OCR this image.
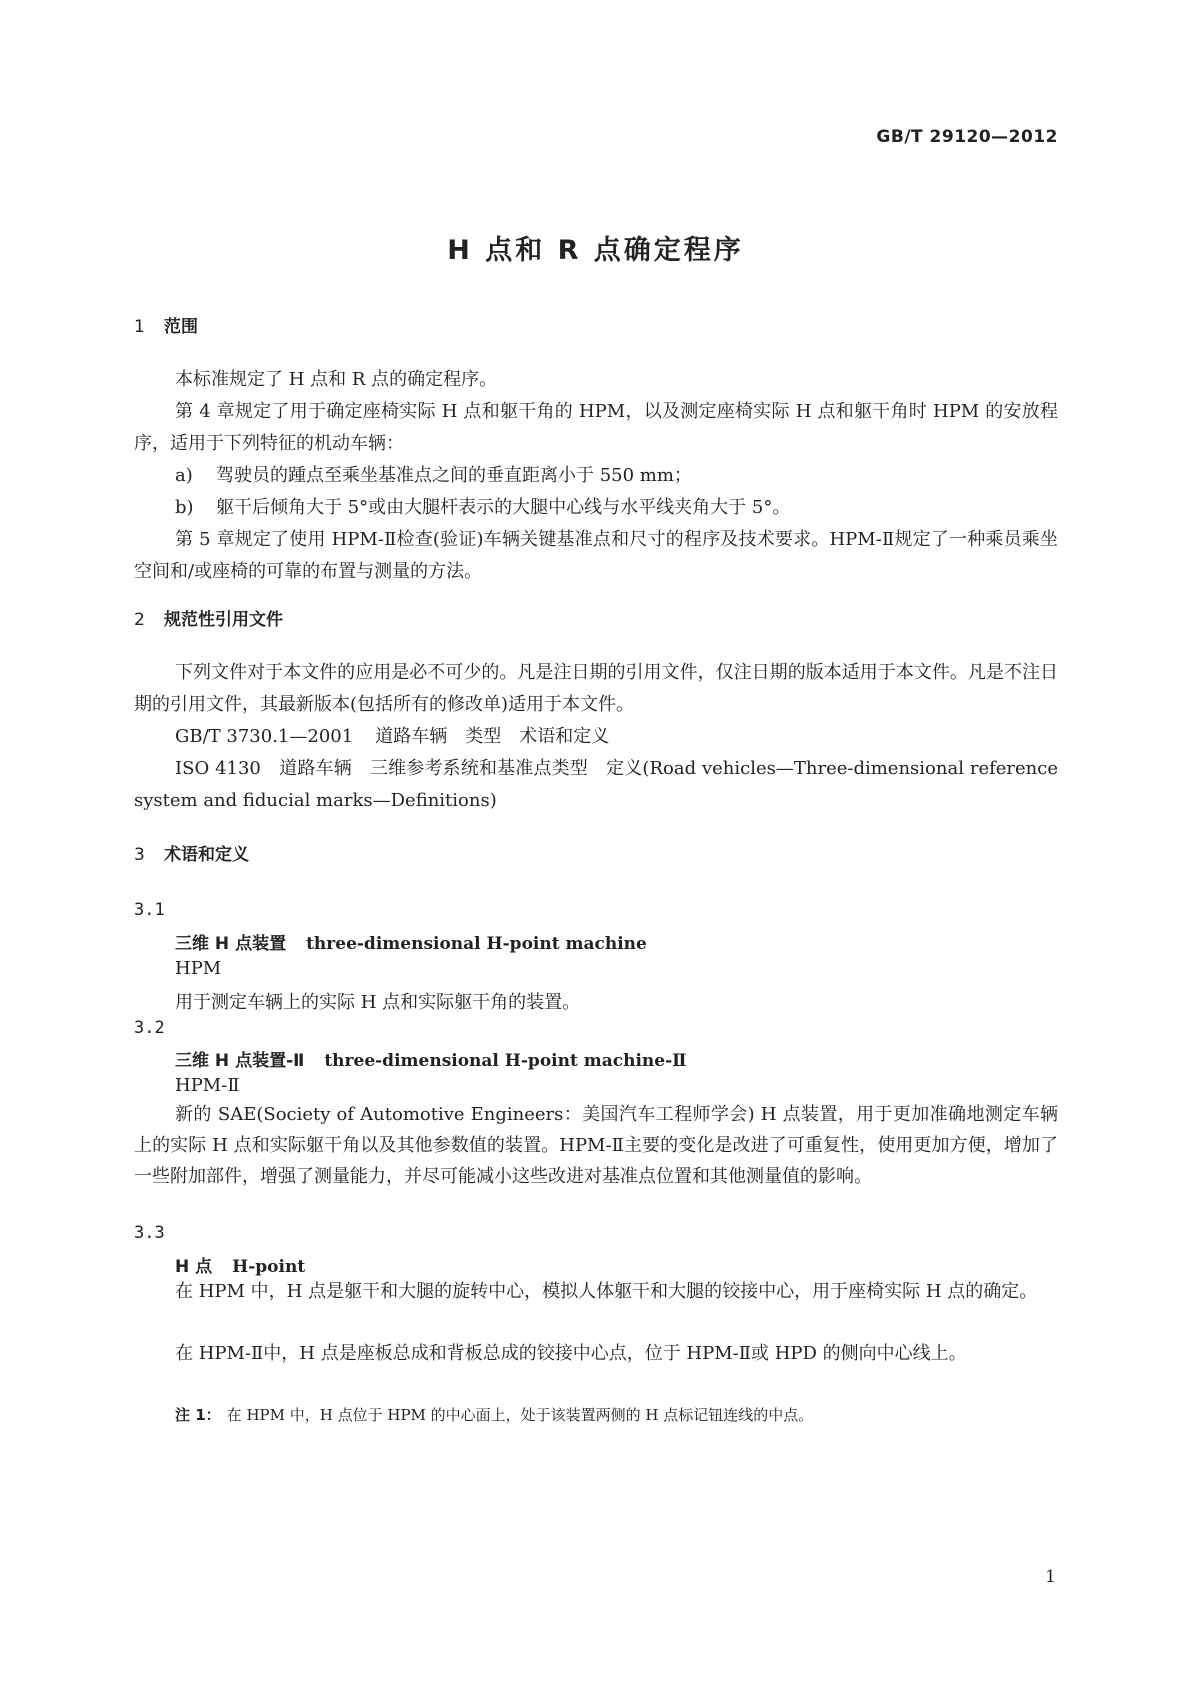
GB/T 29120—2012
H 点和 R 点确定程序
1 范围
本标准规定了 H 点和 R 点的确定程序。
第 4 章规定了用于确定座椅实际 H 点和躯干角的 HPM，以及测定座椅实际 H 点和躯干角时 HPM 的安放程序，适用于下列特征的机动车辆：
a) 驾驶员的踵点至乘坐基准点之间的垂直距离小于 550 mm；
b) 躯干后倾角大于 5°或由大腿杆表示的大腿中心线与水平线夹角大于 5°。
第 5 章规定了使用 HPM-Ⅱ检查(验证)车辆关键基准点和尺寸的程序及技术要求。HPM-Ⅱ规定了一种乘员乘坐空间和/或座椅的可靠的布置与测量的方法。
2 规范性引用文件
下列文件对于本文件的应用是必不可少的。凡是注日期的引用文件，仅注日期的版本适用于本文件。凡是不注日期的引用文件，其最新版本(包括所有的修改单)适用于本文件。
GB/T 3730.1—2001 道路车辆　类型　术语和定义
ISO 4130　道路车辆　三维参考系统和基准点类型　定义(Road vehicles—Three-dimensional reference system and fiducial marks—Definitions)
3 术语和定义
3.1
三维 H 点装置 three-dimensional H-point machine
HPM
用于测定车辆上的实际 H 点和实际躯干角的装置。
3.2
三维 H 点装置-Ⅱ three-dimensional H-point machine-Ⅱ
HPM-Ⅱ
新的 SAE(Society of Automotive Engineers：美国汽车工程师学会) H 点装置，用于更加准确地测定车辆上的实际 H 点和实际躯干角以及其他参数值的装置。HPM-Ⅱ主要的变化是改进了可重复性，使用更加方便，增加了一些附加部件，增强了测量能力，并尽可能减小这些改进对基准点位置和其他测量值的影响。
3.3
H 点 H-point
在 HPM 中，H 点是躯干和大腿的旋转中心，模拟人体躯干和大腿的铰接中心，用于座椅实际 H 点的确定。
在 HPM-Ⅱ中，H 点是座板总成和背板总成的铰接中心点，位于 HPM-Ⅱ或 HPD 的侧向中心线上。
注 1： 在 HPM 中，H 点位于 HPM 的中心面上，处于该装置两侧的 H 点标记钮连线的中点。
1
